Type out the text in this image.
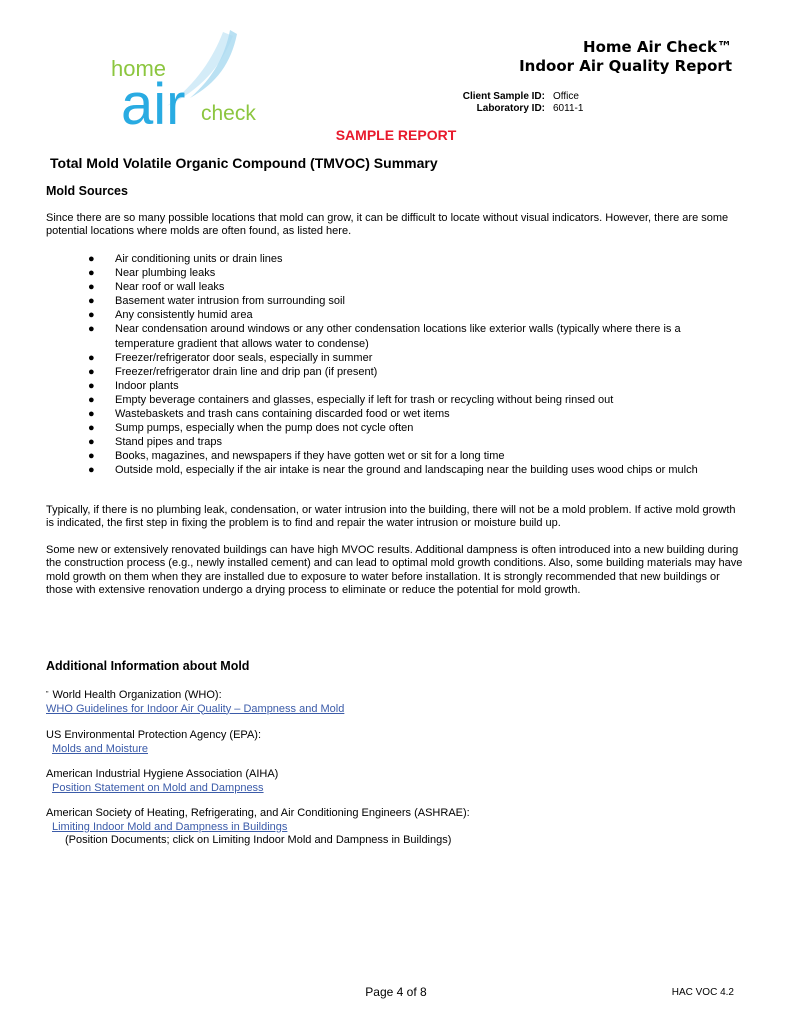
home
air check
Home Air Check™
Indoor Air Quality Report
Client Sample ID: Office
Laboratory ID: 6011-1
SAMPLE REPORT
Total Mold Volatile Organic Compound (TMVOC) Summary
Mold Sources

Since there are so many possible locations that mold can grow, it can be difficult to locate without visual indicators. However, there are some potential locations where molds are often found, as listed here.

● Air conditioning units or drain lines
● Near plumbing leaks
● Near roof or wall leaks
● Basement water intrusion from surrounding soil
● Any consistently humid area
● Near condensation around windows or any other condensation locations like exterior walls (typically where there is a temperature gradient that allows water to condense)
● Freezer/refrigerator door seals, especially in summer
● Freezer/refrigerator drain line and drip pan (if present)
● Indoor plants
● Empty beverage containers and glasses, especially if left for trash or recycling without being rinsed out
● Wastebaskets and trash cans containing discarded food or wet items
● Sump pumps, especially when the pump does not cycle often
● Stand pipes and traps
● Books, magazines, and newspapers if they have gotten wet or sit for a long time
● Outside mold, especially if the air intake is near the ground and landscaping near the building uses wood chips or mulch

Typically, if there is no plumbing leak, condensation, or water intrusion into the building, there will not be a mold problem. If active mold growth is indicated, the first step in fixing the problem is to find and repair the water intrusion or moisture build up.

Some new or extensively renovated buildings can have high MVOC results. Additional dampness is often introduced into a new building during the construction process (e.g., newly installed cement) and can lead to optimal mold growth conditions. Also, some building materials may have mold growth on them when they are installed due to exposure to water before installation. It is strongly recommended that new buildings or those with extensive renovation undergo a drying process to eliminate or reduce the potential for mold growth.

Additional Information about Mold
" World Health Organization (WHO):
WHO Guidelines for Indoor Air Quality – Dampness and Mold
US Environmental Protection Agency (EPA):
Molds and Moisture
American Industrial Hygiene Association (AIHA)
Position Statement on Mold and Dampness
American Society of Heating, Refrigerating, and Air Conditioning Engineers (ASHRAE):
Limiting Indoor Mold and Dampness in Buildings
(Position Documents; click on Limiting Indoor Mold and Dampness in Buildings)
Page 4 of 8	HAC VOC 4.2
